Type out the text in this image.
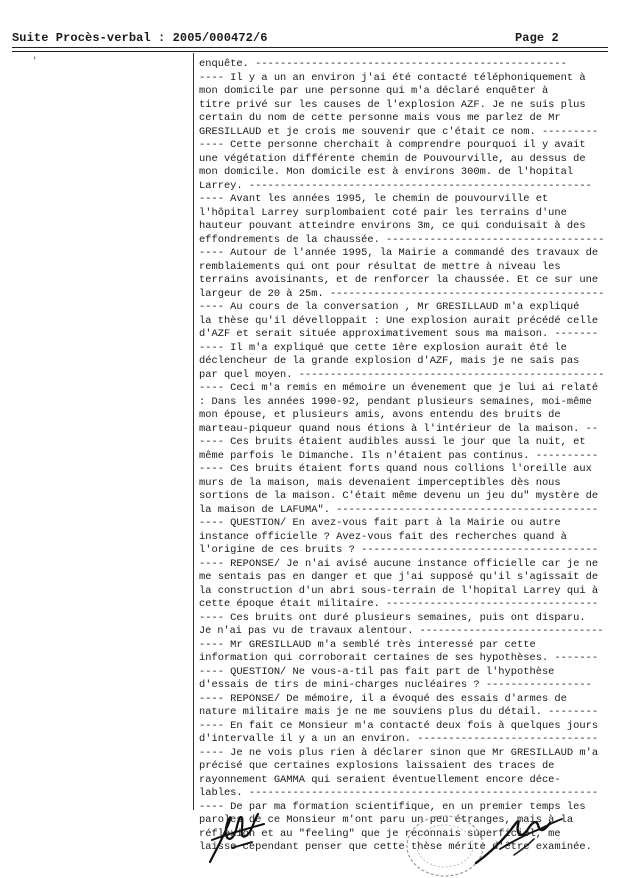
Suite Procès-verbal : 2005/000472/6	Page 2
'	enquête. --------------------------------------------------
---- Il y a un an environ j'ai été contacté téléphoniquement à
mon domicile par une personne qui m'a déclaré enquêter à
titre privé sur les causes de l'explosion AZF. Je ne suis plus
certain du nom de cette personne mais vous me parlez de Mr
GRESILLAUD et je crois me souvenir que c'était ce nom. ---------
---- Cette personne cherchait à comprendre pourquoi il y avait
une végétation différente chemin de Pouvourville, au dessus de
mon domicile. Mon domicile est à environs 300m. de l'hopital
Larrey. -------------------------------------------------------
---- Avant les années 1995, le chemin de pouvourville et
l'hôpital Larrey surplombaient coté pair les terrains d'une
hauteur pouvant atteindre environs 3m, ce qui conduisait à des
effondrements de la chaussée. -----------------------------------
---- Autour de l'année 1995, la Mairie a commandé des travaux de
remblaiements qui ont pour résultat de mettre à niveau les
terrains avoisinants, et de renforcer la chaussée. Et ce sur une
largeur de 20 à 25m. --------------------------------------------
---- Au cours de la conversation , Mr GRESILLAUD m'a expliqué
la thèse qu'il dévelloppait : Une explosion aurait précédé celle
d'AZF et serait située approximativement sous ma maison. -------
---- Il m'a expliqué que cette 1ère explosion aurait été le
déclencheur de la grande explosion d'AZF, mais je ne sais pas
par quel moyen. -------------------------------------------------
---- Ceci m'a remis en mémoire un évenement que je lui ai relaté
: Dans les années 1990-92, pendant plusieurs semaines, moi-même
mon épouse, et plusieurs amis, avons entendu des bruits de
marteau-piqueur quand nous étions à l'intérieur de la maison. --
---- Ces bruits étaient audibles aussi le jour que la nuit, et
même parfois le Dimanche. Ils n'étaient pas continus. ----------
---- Ces bruits étaient forts quand nous collions l'oreille aux
murs de la maison, mais devenaient imperceptibles dès nous
sortions de la maison. C'était même devenu un jeu du" mystère de
la maison de LAFUMA". ------------------------------------------
---- QUESTION/ En avez-vous fait part à la Mairie ou autre
instance officielle ? Avez-vous fait des recherches quand à
l'origine de ces bruits ? --------------------------------------
---- REPONSE/ Je n'ai avisé aucune instance officielle car je ne
me sentais pas en danger et que j'ai supposé qu'il s'agissait de
la construction d'un abri sous-terrain de l'hopital Larrey qui à
cette époque était militaire. ----------------------------------
---- Ces bruits ont duré plusieurs semaines, puis ont disparu.
Je n'ai pas vu de travaux alentour. ------------------------------
---- Mr GRESILLAUD m'a semblé très interessé par cette
information qui corroborait certaines de ses hypothèses. -------
---- QUESTION/ Ne vous-a-til pas fait part de l'hypothèse
d'essais de tirs de mini-charges nucléaires ? -----------------
---- REPONSE/ De mémoire, il a évoqué des essais d'armes de
nature militaire mais je ne me souviens plus du détail. --------
---- En fait ce Monsieur m'a contacté deux fois à quelques jours
d'intervalle il y a un an environ. -----------------------------
---- Je ne vois plus rien à déclarer sinon que Mr GRESILLAUD m'a
précisé que certaines explosions laissaient des traces de
rayonnement GAMMA qui seraient éventuellement encore déce-
lables. --------------------------------------------------------
---- De par ma formation scientifique, en un premier temps les
paroles de ce Monsieur m'ont paru un peu étranges, mais à la
réflexion et au "feeling" que je reconnais superficiel, me
laisse cependant penser que cette thèse mérite d'être examinée.
